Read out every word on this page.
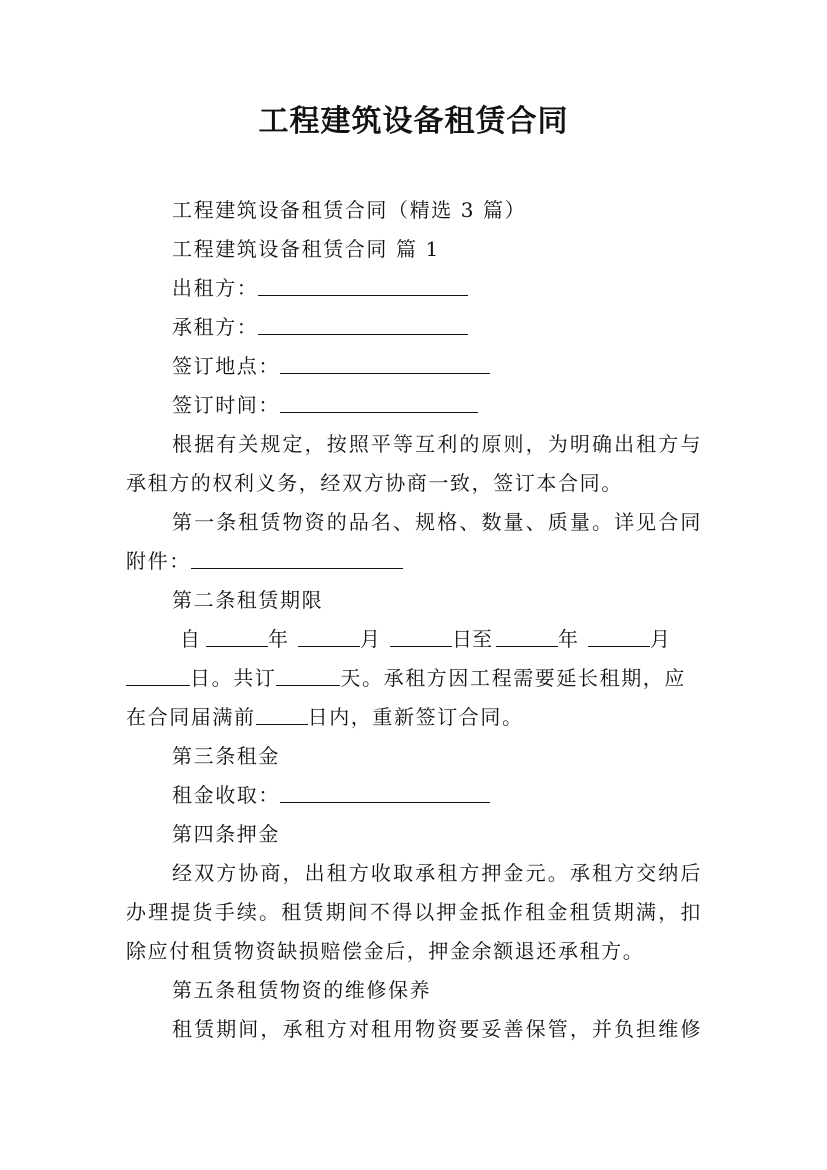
工程建筑设备租赁合同
工程建筑设备租赁合同（精选 3 篇）
工程建筑设备租赁合同 篇 1
出租方：
承租方：
签订地点：
签订时间：
根据有关规定，按照平等互利的原则，为明确出租方与
承租方的权利义务，经双方协商一致，签订本合同。
第一条租赁物资的品名、规格、数量、质量。详见合同
附件：
第二条租赁期限
自	年	月	日至	年	月
日。共订	天。承租方因工程需要延长租期，应
在合同届满前	日内，重新签订合同。
第三条租金
租金收取：
第四条押金
经双方协商，出租方收取承租方押金元。承租方交纳后
办理提货手续。租赁期间不得以押金抵作租金租赁期满，扣
除应付租赁物资缺损赔偿金后，押金余额退还承租方。
第五条租赁物资的维修保养
租赁期间，承租方对租用物资要妥善保管，并负担维修
